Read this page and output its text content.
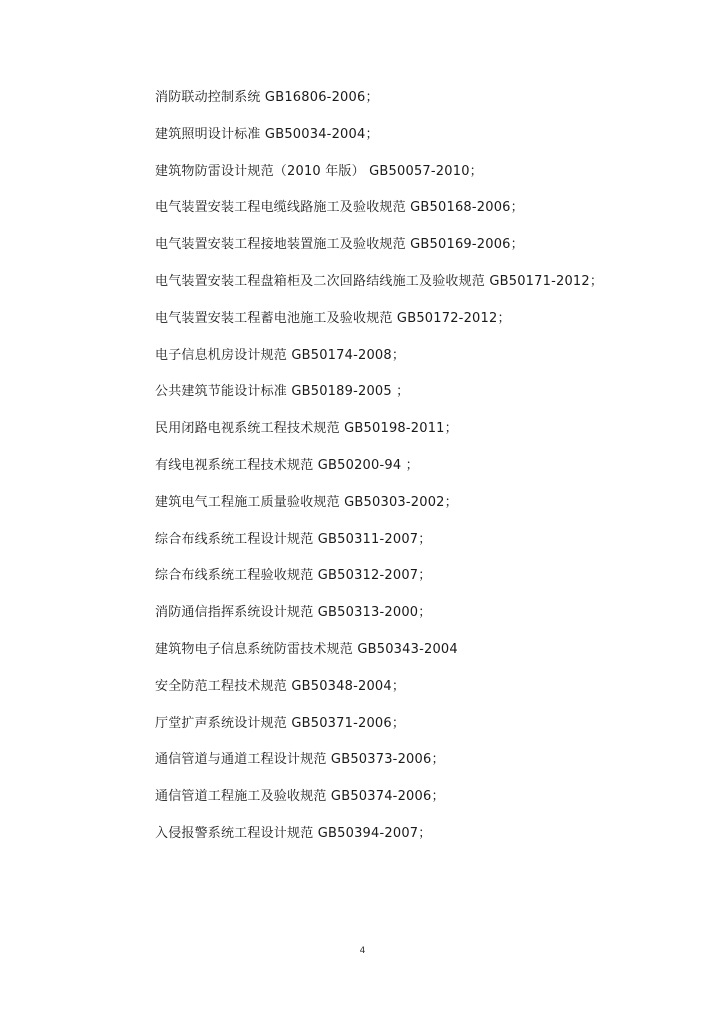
消防联动控制系统 GB16806-2006；
建筑照明设计标准 GB50034-2004；
建筑物防雷设计规范（2010 年版） GB50057-2010；
电气装置安装工程电缆线路施工及验收规范 GB50168-2006；
电气装置安装工程接地装置施工及验收规范 GB50169-2006；
电气装置安装工程盘箱柜及二次回路结线施工及验收规范 GB50171-2012；
电气装置安装工程蓄电池施工及验收规范 GB50172-2012；
电子信息机房设计规范 GB50174-2008；
公共建筑节能设计标准 GB50189-2005 ；
民用闭路电视系统工程技术规范 GB50198-2011；
有线电视系统工程技术规范 GB50200-94 ；
建筑电气工程施工质量验收规范 GB50303-2002；
综合布线系统工程设计规范 GB50311-2007；
综合布线系统工程验收规范 GB50312-2007；
消防通信指挥系统设计规范 GB50313-2000；
建筑物电子信息系统防雷技术规范 GB50343-2004
安全防范工程技术规范 GB50348-2004；
厅堂扩声系统设计规范 GB50371-2006；
通信管道与通道工程设计规范 GB50373-2006；
通信管道工程施工及验收规范 GB50374-2006；
入侵报警系统工程设计规范 GB50394-2007；
4
